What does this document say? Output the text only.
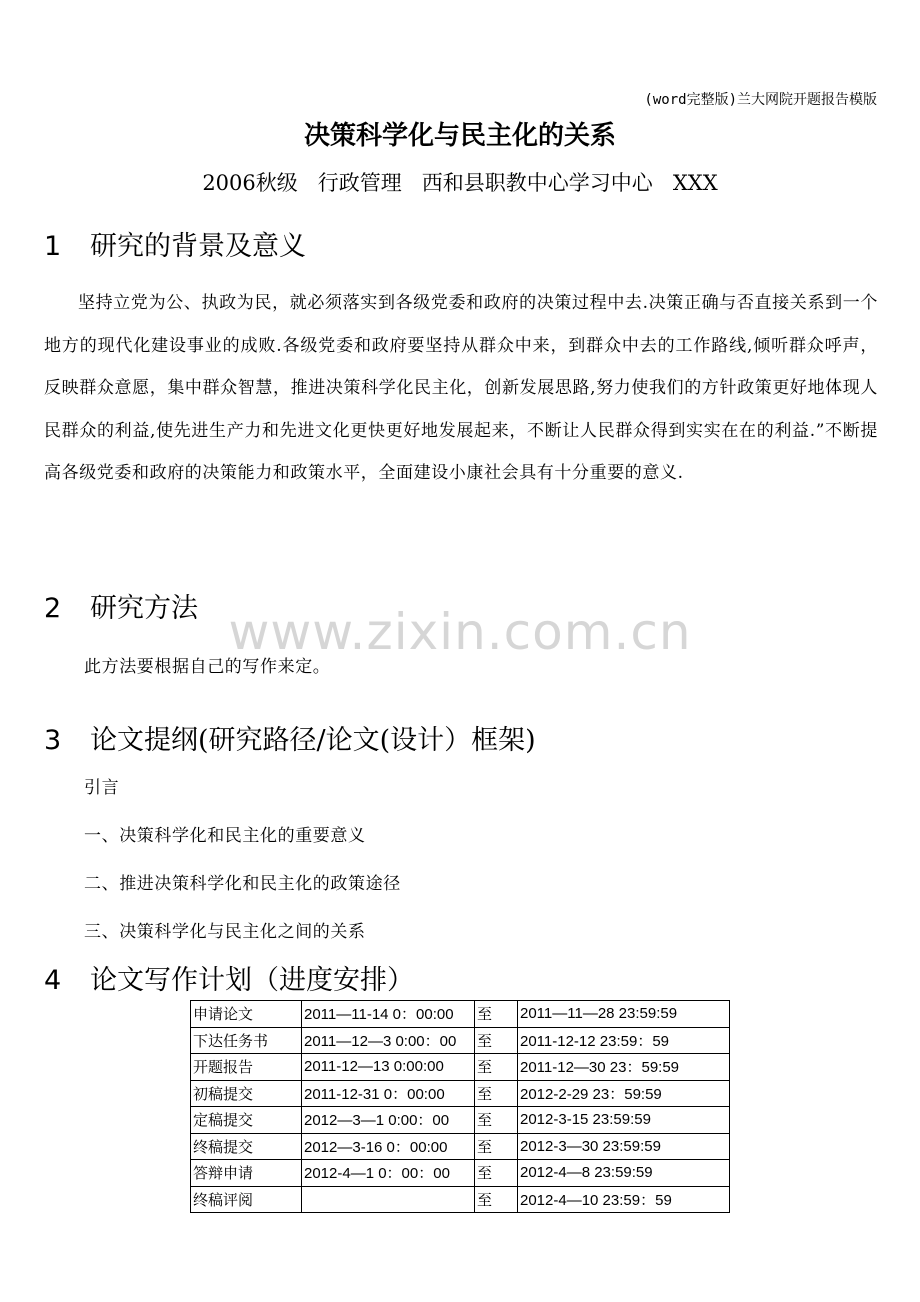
(word完整版)兰大网院开题报告模版
决策科学化与民主化的关系
2006秋级   行政管理   西和县职教中心学习中心   XXX
1 研究的背景及意义
坚持立党为公、执政为民，就必须落实到各级党委和政府的决策过程中去.决策正确与否直接关系到一个地方的现代化建设事业的成败.各级党委和政府要坚持从群众中来，到群众中去的工作路线,倾听群众呼声，反映群众意愿，集中群众智慧，推进决策科学化民主化，创新发展思路,努力使我们的方针政策更好地体现人民群众的利益,使先进生产力和先进文化更快更好地发展起来，不断让人民群众得到实实在在的利益.”不断提高各级党委和政府的决策能力和政策水平，全面建设小康社会具有十分重要的意义.
2 研究方法 www.zixin.com.cn
此方法要根据自己的写作来定。
3 论文提纲(研究路径/论文(设计）框架)
引言
一、决策科学化和民主化的重要意义
二、推进决策科学化和民主化的政策途径
三、决策科学化与民主化之间的关系
4 论文写作计划（进度安排）
申请论文	2011—11-14 0：00:00	至	2011—11—28 23:59:59
下达任务书	2011—12—3 0:00：00	至	2011-12-12 23:59：59
开题报告	2011-12—13 0:00:00	至	2011-12—30 23：59:59
初稿提交	2011-12-31 0：00:00	至	2012-2-29 23：59:59
定稿提交	2012—3—1 0:00：00	至	2012-3-15 23:59:59
终稿提交	2012—3-16 0：00:00	至	2012-3—30 23:59:59
答辩申请	2012-4—1 0：00：00	至	2012-4—8 23:59:59
终稿评阅		至	2012-4—10 23:59：59
